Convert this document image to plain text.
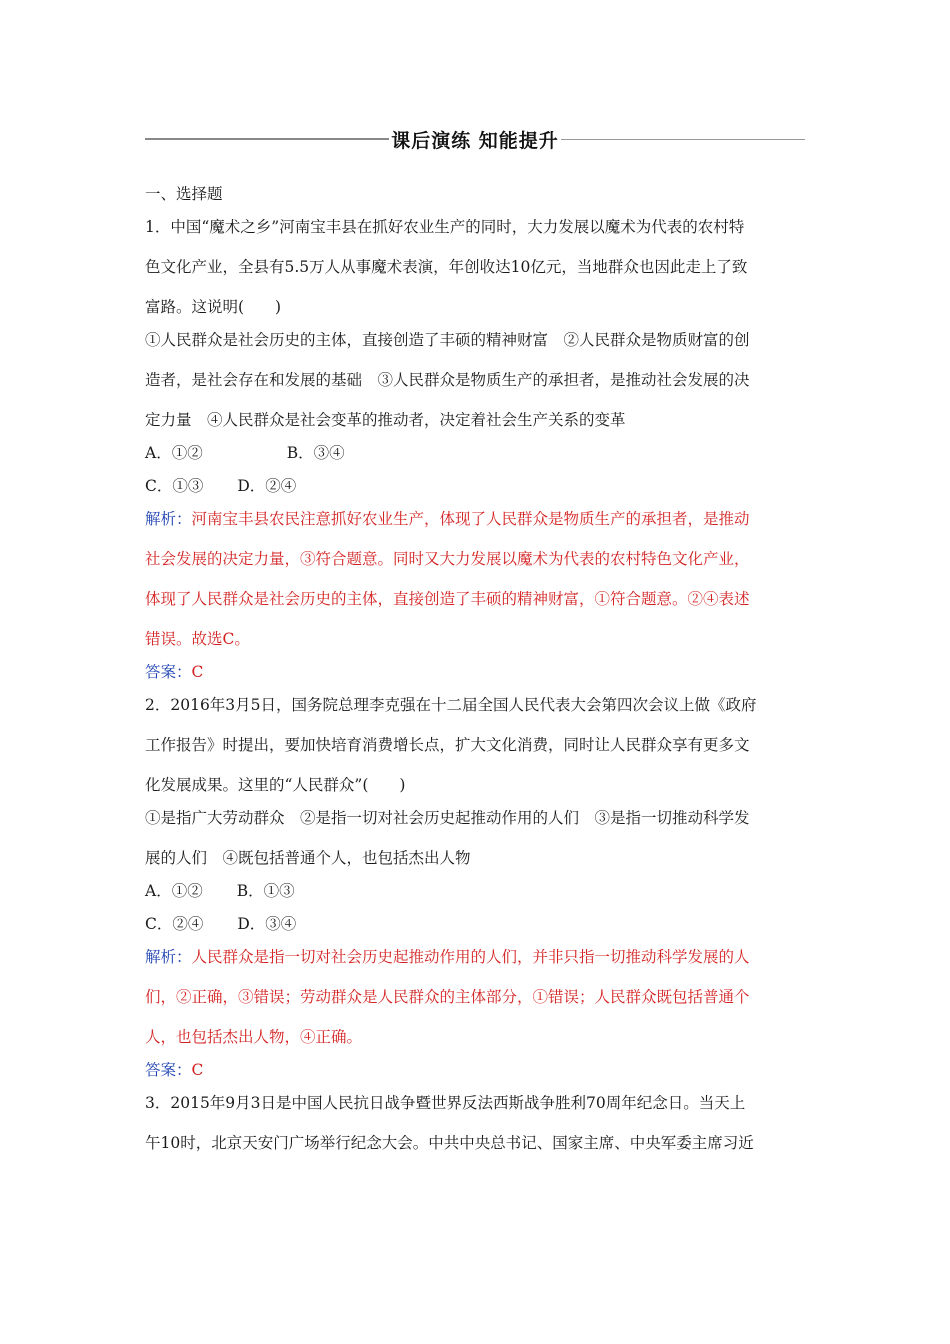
课后演练 知能提升

一、选择题

1．中国“魔术之乡”河南宝丰县在抓好农业生产的同时，大力发展以魔术为代表的农村特

色文化产业，全县有5.5万人从事魔术表演，年创收达10亿元，当地群众也因此走上了致

富路。这说明(　　)

①人民群众是社会历史的主体，直接创造了丰硕的精神财富　②人民群众是物质财富的创

造者，是社会存在和发展的基础　③人民群众是物质生产的承担者，是推动社会发展的决

定力量　④人民群众是社会变革的推动者，决定着社会生产关系的变革

A．①②	B．③④

C．①③ D．②④

解析：河南宝丰县农民注意抓好农业生产，体现了人民群众是物质生产的承担者，是推动

社会发展的决定力量，③符合题意。同时又大力发展以魔术为代表的农村特色文化产业，

体现了人民群众是社会历史的主体，直接创造了丰硕的精神财富，①符合题意。②④表述

错误。故选C。

答案：C

2．2016年3月5日，国务院总理李克强在十二届全国人民代表大会第四次会议上做《政府

工作报告》时提出，要加快培育消费增长点，扩大文化消费，同时让人民群众享有更多文

化发展成果。这里的“人民群众”(　　)

①是指广大劳动群众　②是指一切对社会历史起推动作用的人们　③是指一切推动科学发

展的人们　④既包括普通个人，也包括杰出人物

A．①② B．①③

C．②④ D．③④

解析：人民群众是指一切对社会历史起推动作用的人们，并非只指一切推动科学发展的人

们，②正确，③错误；劳动群众是人民群众的主体部分，①错误；人民群众既包括普通个

人，也包括杰出人物，④正确。

答案：C

3．2015年9月3日是中国人民抗日战争暨世界反法西斯战争胜利70周年纪念日。当天上

午10时，北京天安门广场举行纪念大会。中共中央总书记、国家主席、中央军委主席习近
